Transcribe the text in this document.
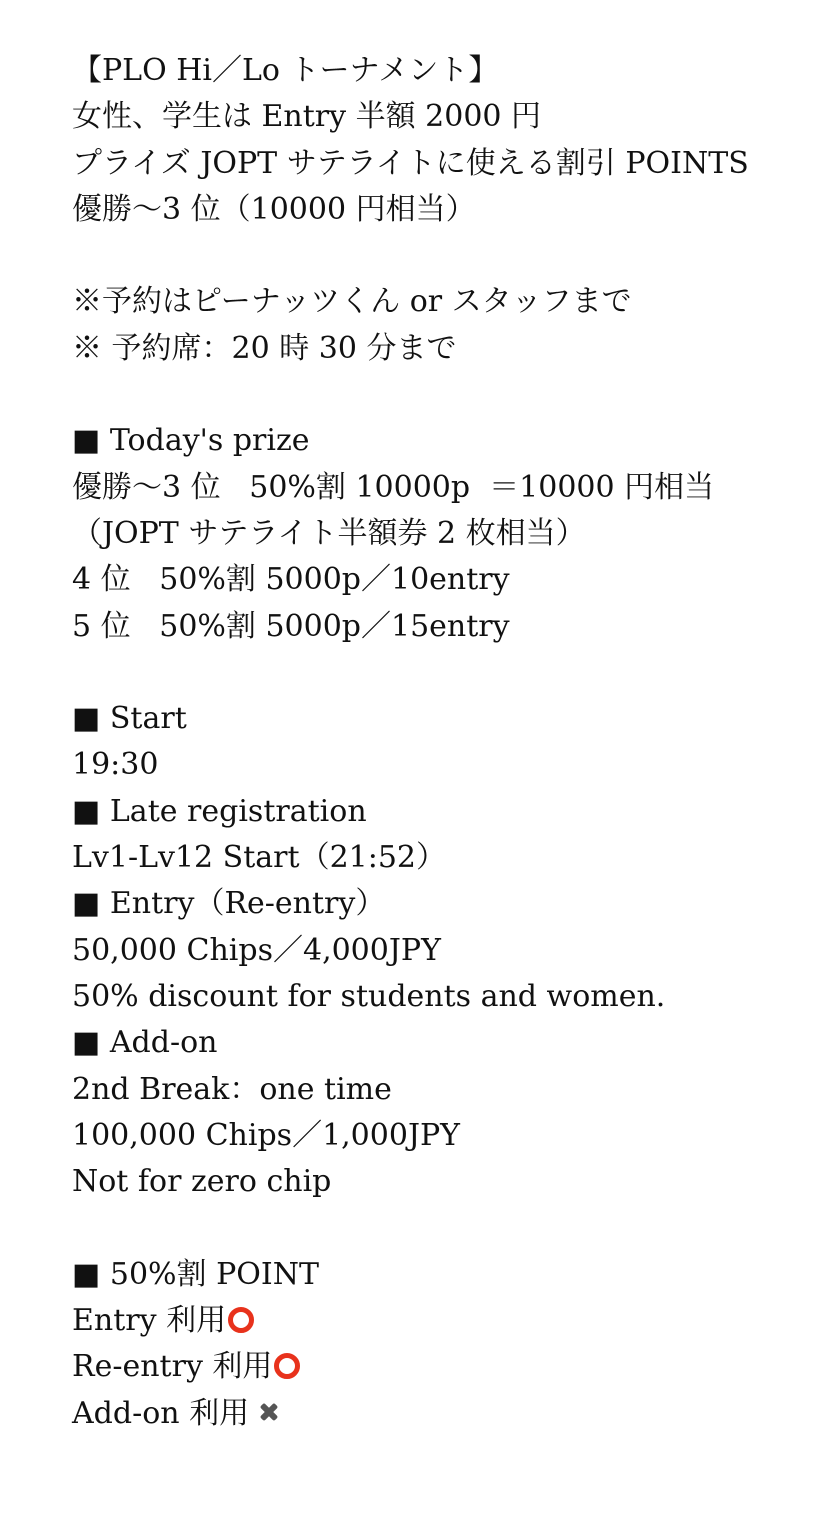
【PLO Hi／Lo トーナメント】
女性、学生は Entry 半額 2000 円
プライズ JOPT サテライトに使える割引 POINTS
優勝～3 位（10000 円相当）
※予約はピーナッツくん or スタッフまで
※ 予約席：20 時 30 分まで
■ Today's prize
優勝～3 位   50%割 10000p  ＝10000 円相当
（JOPT サテライト半額券 2 枚相当）
4 位   50%割 5000p／10entry
5 位   50%割 5000p／15entry
■ Start
19:30
■ Late registration
Lv1-Lv12 Start（21:52）
■ Entry（Re-entry）
50,000 Chips／4,000JPY
50% discount for students and women.
■ Add-on
2nd Break：one time
100,000 Chips／1,000JPY
Not for zero chip
■ 50%割 POINT
Entry 利用
Re-entry 利用
Add-on 利用
